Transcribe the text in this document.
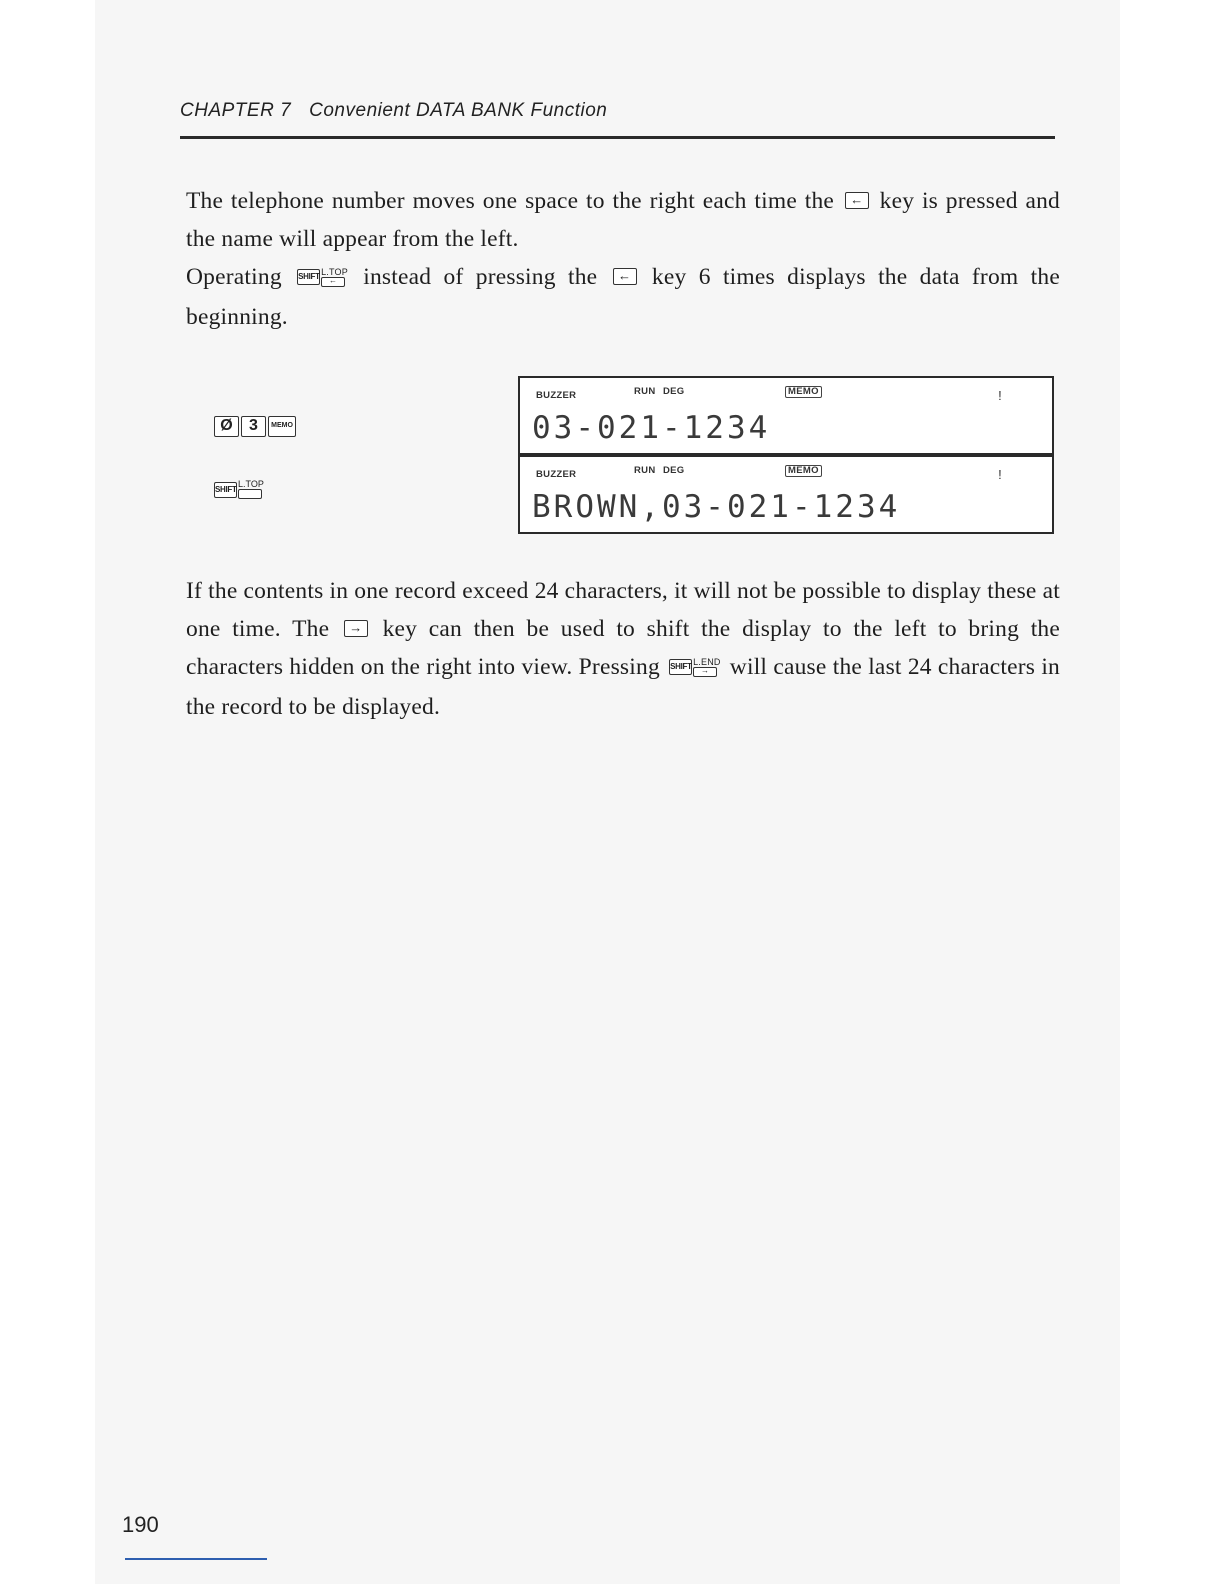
CHAPTER 7 Convenient DATA BANK Function

The telephone number moves one space to the right each time the ← key is pressed and the name will appear from the left.
Operating SHIFT L.TOP
←	instead of pressing the ← key 6 times displays the data from the beginning.

Ø 3 MEMO
SHIFT L.TOP
BUZZER	RUN DEG	MEMO	!
03-021-1234
BUZZER	RUN DEG	MEMO	!
BROWN,03-021-1234

If the contents in one record exceed 24 characters, it will not be possible to display these at one time. The → key can then be used to shift the display to the left to bring the characters hidden on the right into view. Pressing SHIFT L.END
→ will cause the last 24 characters in the record to be displayed.

190
